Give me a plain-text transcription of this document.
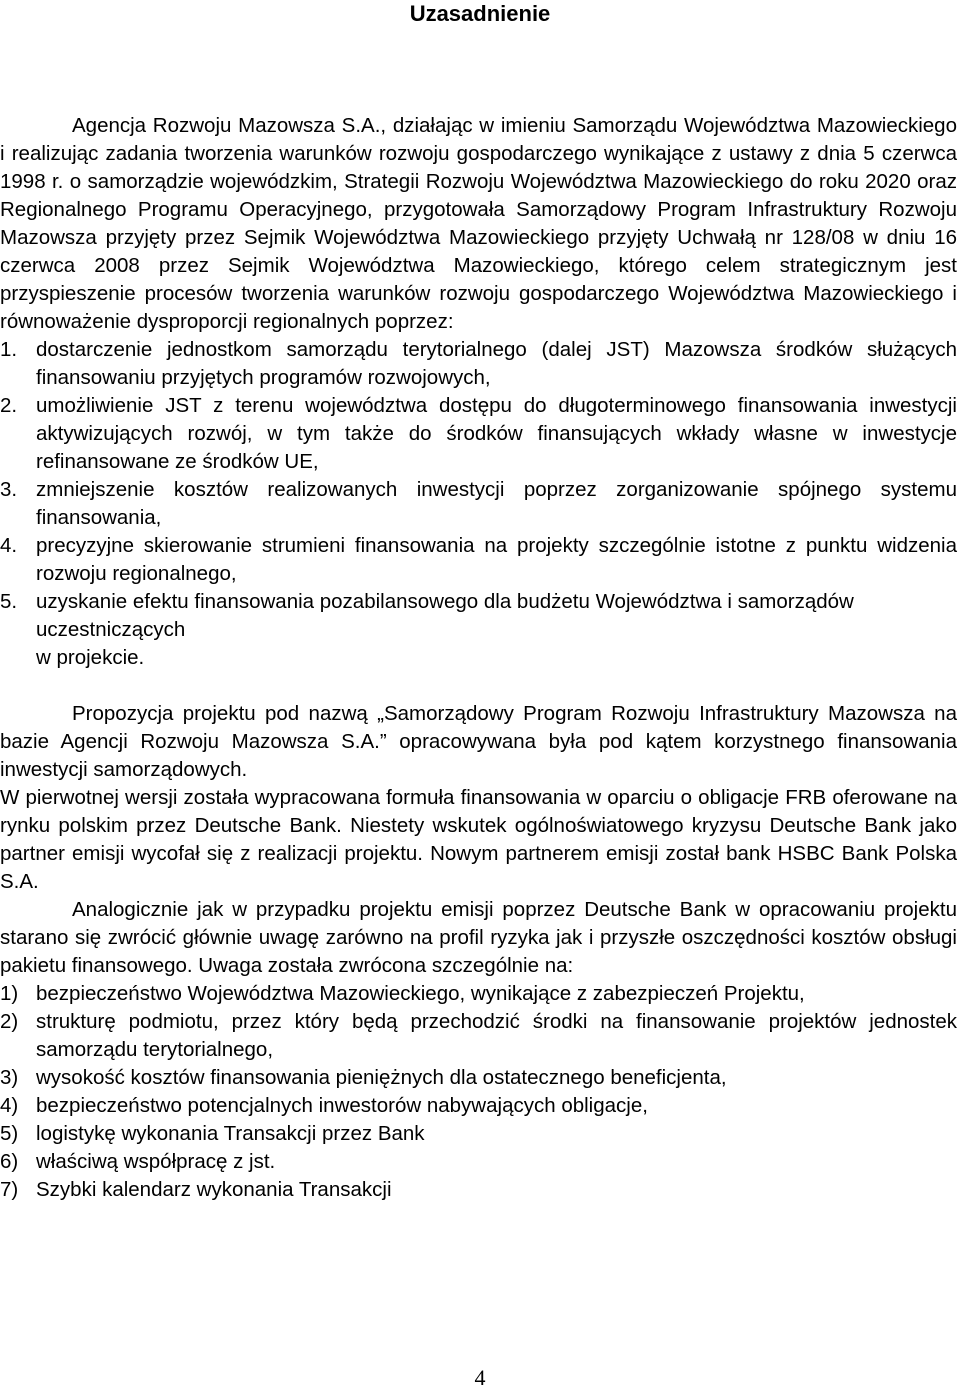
Uzasadnienie

Agencja Rozwoju Mazowsza S.A., działając w imieniu Samorządu Województwa Mazowieckiego i realizując zadania tworzenia warunków rozwoju gospodarczego wynikające z ustawy z dnia 5 czerwca 1998 r. o samorządzie wojewódzkim, Strategii Rozwoju Województwa Mazowieckiego do roku 2020 oraz Regionalnego Programu Operacyjnego, przygotowała Samorządowy Program Infrastruktury Rozwoju Mazowsza przyjęty przez Sejmik Województwa Mazowieckiego przyjęty Uchwałą nr 128/08 w dniu 16 czerwca 2008 przez Sejmik Województwa Mazowieckiego, którego celem strategicznym jest przyspieszenie procesów tworzenia warunków rozwoju gospodarczego Województwa Mazowieckiego i równoważenie dysproporcji regionalnych poprzez:

1. dostarczenie jednostkom samorządu terytorialnego (dalej JST) Mazowsza środków służących finansowaniu przyjętych programów rozwojowych,
2. umożliwienie JST z terenu województwa dostępu do długoterminowego finansowania inwestycji aktywizujących rozwój, w tym także do środków finansujących wkłady własne w inwestycje refinansowane ze środków UE,
3. zmniejszenie kosztów realizowanych inwestycji poprzez zorganizowanie spójnego systemu finansowania,
4. precyzyjne skierowanie strumieni finansowania na projekty szczególnie istotne z punktu widzenia rozwoju regionalnego,
5. uzyskanie efektu finansowania pozabilansowego dla budżetu Województwa i samorządów uczestniczących
w projekcie.

Propozycja projektu pod nazwą „Samorządowy Program Rozwoju Infrastruktury Mazowsza na bazie Agencji Rozwoju Mazowsza S.A.” opracowywana była pod kątem korzystnego finansowania inwestycji samorządowych.

W pierwotnej wersji została wypracowana formuła finansowania w oparciu o obligacje FRB oferowane na rynku polskim przez Deutsche Bank. Niestety wskutek ogólnoświatowego kryzysu Deutsche Bank jako partner emisji wycofał się z realizacji projektu. Nowym partnerem emisji został bank HSBC Bank Polska S.A.

Analogicznie jak w przypadku projektu emisji poprzez Deutsche Bank w opracowaniu projektu starano się zwrócić głównie uwagę zarówno na profil ryzyka jak i przyszłe oszczędności kosztów obsługi pakietu finansowego. Uwaga została zwrócona szczególnie na:

1) bezpieczeństwo Województwa Mazowieckiego, wynikające z zabezpieczeń Projektu,
2) strukturę podmiotu, przez który będą przechodzić środki na finansowanie projektów jednostek samorządu terytorialnego,
3) wysokość kosztów finansowania pieniężnych dla ostatecznego beneficjenta,
4) bezpieczeństwo potencjalnych inwestorów nabywających obligacje,
5) logistykę wykonania Transakcji przez Bank
6) właściwą współpracę z jst.
7) Szybki kalendarz wykonania Transakcji
4
